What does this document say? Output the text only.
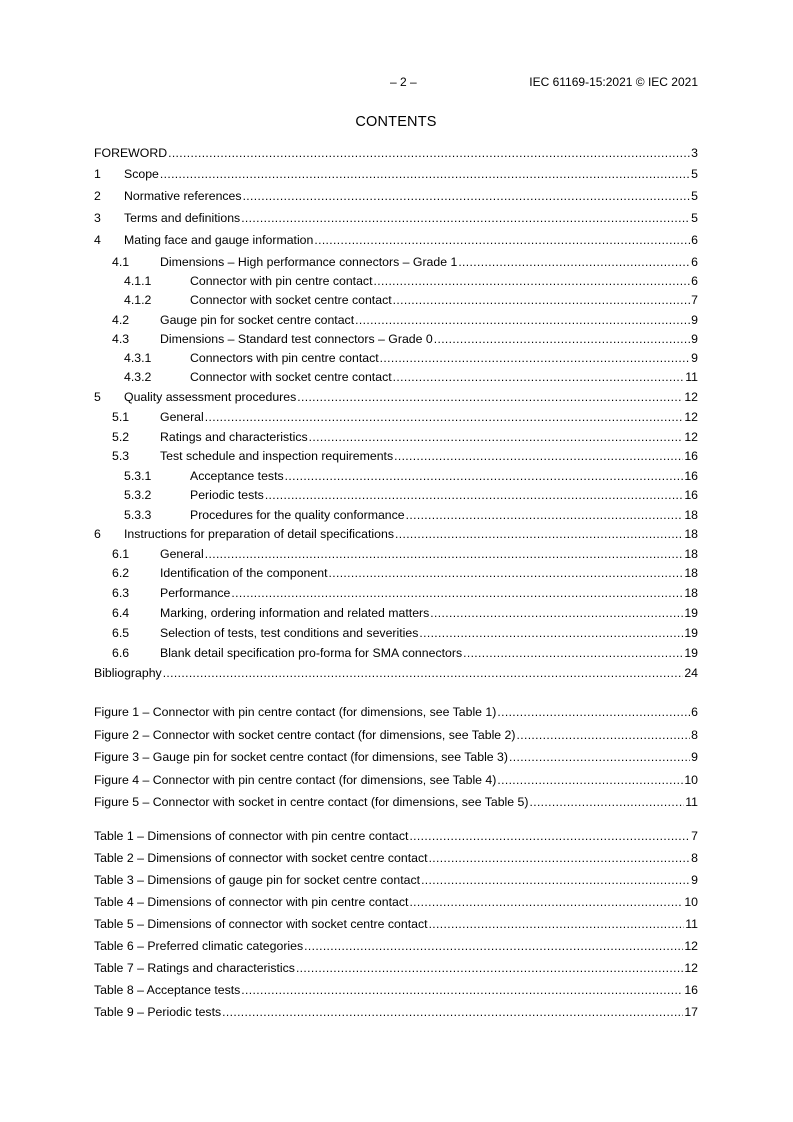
– 2 –	IEC 61169-15:2021 © IEC 2021
CONTENTS
FOREWORD .....	3
1	Scope .....	5
2	Normative references .....	5
3	Terms and definitions .....	5
4	Mating face and gauge information .....	6
4.1	Dimensions – High performance connectors – Grade 1 .....	6
4.1.1	Connector with pin centre contact .....	6
4.1.2	Connector with socket centre contact .....	7
4.2	Gauge pin for socket centre contact .....	9
4.3	Dimensions – Standard test connectors – Grade 0 .....	9
4.3.1	Connectors with pin centre contact .....	9
4.3.2	Connector with socket centre contact .....	11
5	Quality assessment procedures .....	12
5.1	General .....	12
5.2	Ratings and characteristics .....	12
5.3	Test schedule and inspection requirements .....	16
5.3.1	Acceptance tests .....	16
5.3.2	Periodic tests .....	16
5.3.3	Procedures for the quality conformance .....	18
6	Instructions for preparation of detail specifications .....	18
6.1	General .....	18
6.2	Identification of the component .....	18
6.3	Performance .....	18
6.4	Marking, ordering information and related matters .....	19
6.5	Selection of tests, test conditions and severities .....	19
6.6	Blank detail specification pro-forma for SMA connectors .....	19
Bibliography .....	24
Figure 1 – Connector with pin centre contact (for dimensions, see Table 1) .....	6
Figure 2 – Connector with socket centre contact (for dimensions, see Table 2) .....	8
Figure 3 – Gauge pin for socket centre contact (for dimensions, see Table 3) .....	9
Figure 4 – Connector with pin centre contact (for dimensions, see Table 4) .....	10
Figure 5 – Connector with socket in centre contact (for dimensions, see Table 5) .....	11
Table 1 – Dimensions of connector with pin centre contact .....	7
Table 2 – Dimensions of connector with socket centre contact .....	8
Table 3 – Dimensions of gauge pin for socket centre contact .....	9
Table 4 – Dimensions of connector with pin centre contact .....	10
Table 5 – Dimensions of connector with socket centre contact .....	11
Table 6 – Preferred climatic categories .....	12
Table 7 – Ratings and characteristics .....	12
Table 8 – Acceptance tests .....	16
Table 9 – Periodic tests .....	17
